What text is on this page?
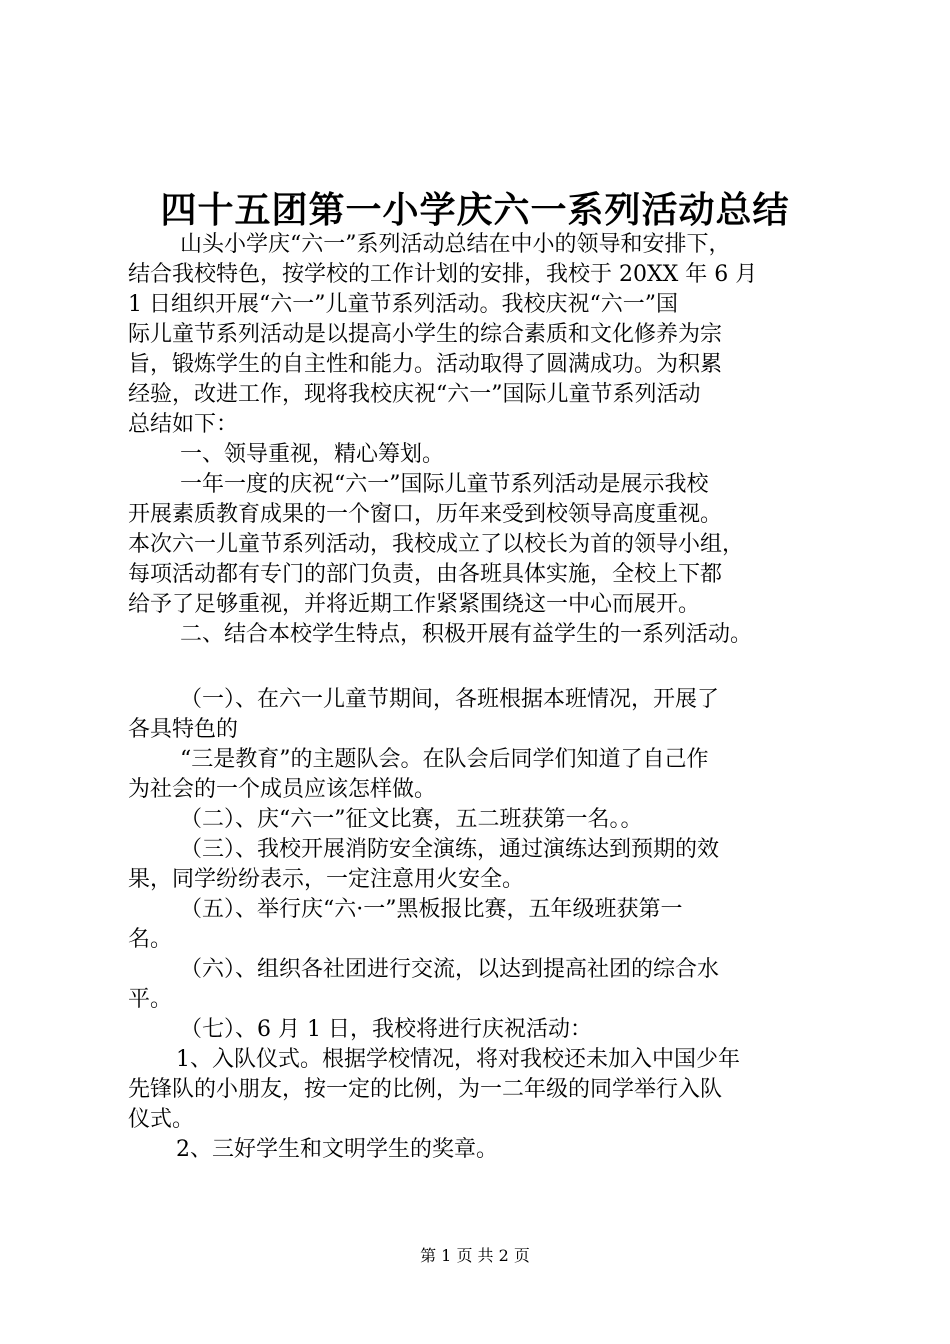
四十五团第一小学庆六一系列活动总结
山头小学庆“六一”系列活动总结在中小的领导和安排下，
结合我校特色，按学校的工作计划的安排，我校于 20XX 年 6 月
1 日组织开展“六一”儿童节系列活动。我校庆祝“六一”国
际儿童节系列活动是以提高小学生的综合素质和文化修养为宗
旨，锻炼学生的自主性和能力。活动取得了圆满成功。为积累
经验，改进工作，现将我校庆祝“六一”国际儿童节系列活动
总结如下：
一、领导重视，精心筹划。
一年一度的庆祝“六一”国际儿童节系列活动是展示我校
开展素质教育成果的一个窗口，历年来受到校领导高度重视。
本次六一儿童节系列活动，我校成立了以校长为首的领导小组，
每项活动都有专门的部门负责，由各班具体实施，全校上下都
给予了足够重视，并将近期工作紧紧围绕这一中心而展开。
二、结合本校学生特点，积极开展有益学生的一系列活动。
（一）、在六一儿童节期间，各班根据本班情况，开展了
各具特色的
“三是教育”的主题队会。在队会后同学们知道了自己作
为社会的一个成员应该怎样做。
（二）、庆“六一”征文比赛，五二班获第一名。。
（三）、我校开展消防安全演练，通过演练达到预期的效
果，同学纷纷表示，一定注意用火安全。
（五）、举行庆“六·一”黑板报比赛，五年级班获第一
名。
（六）、组织各社团进行交流，以达到提高社团的综合水
平。
（七）、6 月 1 日，我校将进行庆祝活动：
1、入队仪式。根据学校情况，将对我校还未加入中国少年
先锋队的小朋友，按一定的比例，为一二年级的同学举行入队
仪式。
2、三好学生和文明学生的奖章。
第 1 页 共 2 页
